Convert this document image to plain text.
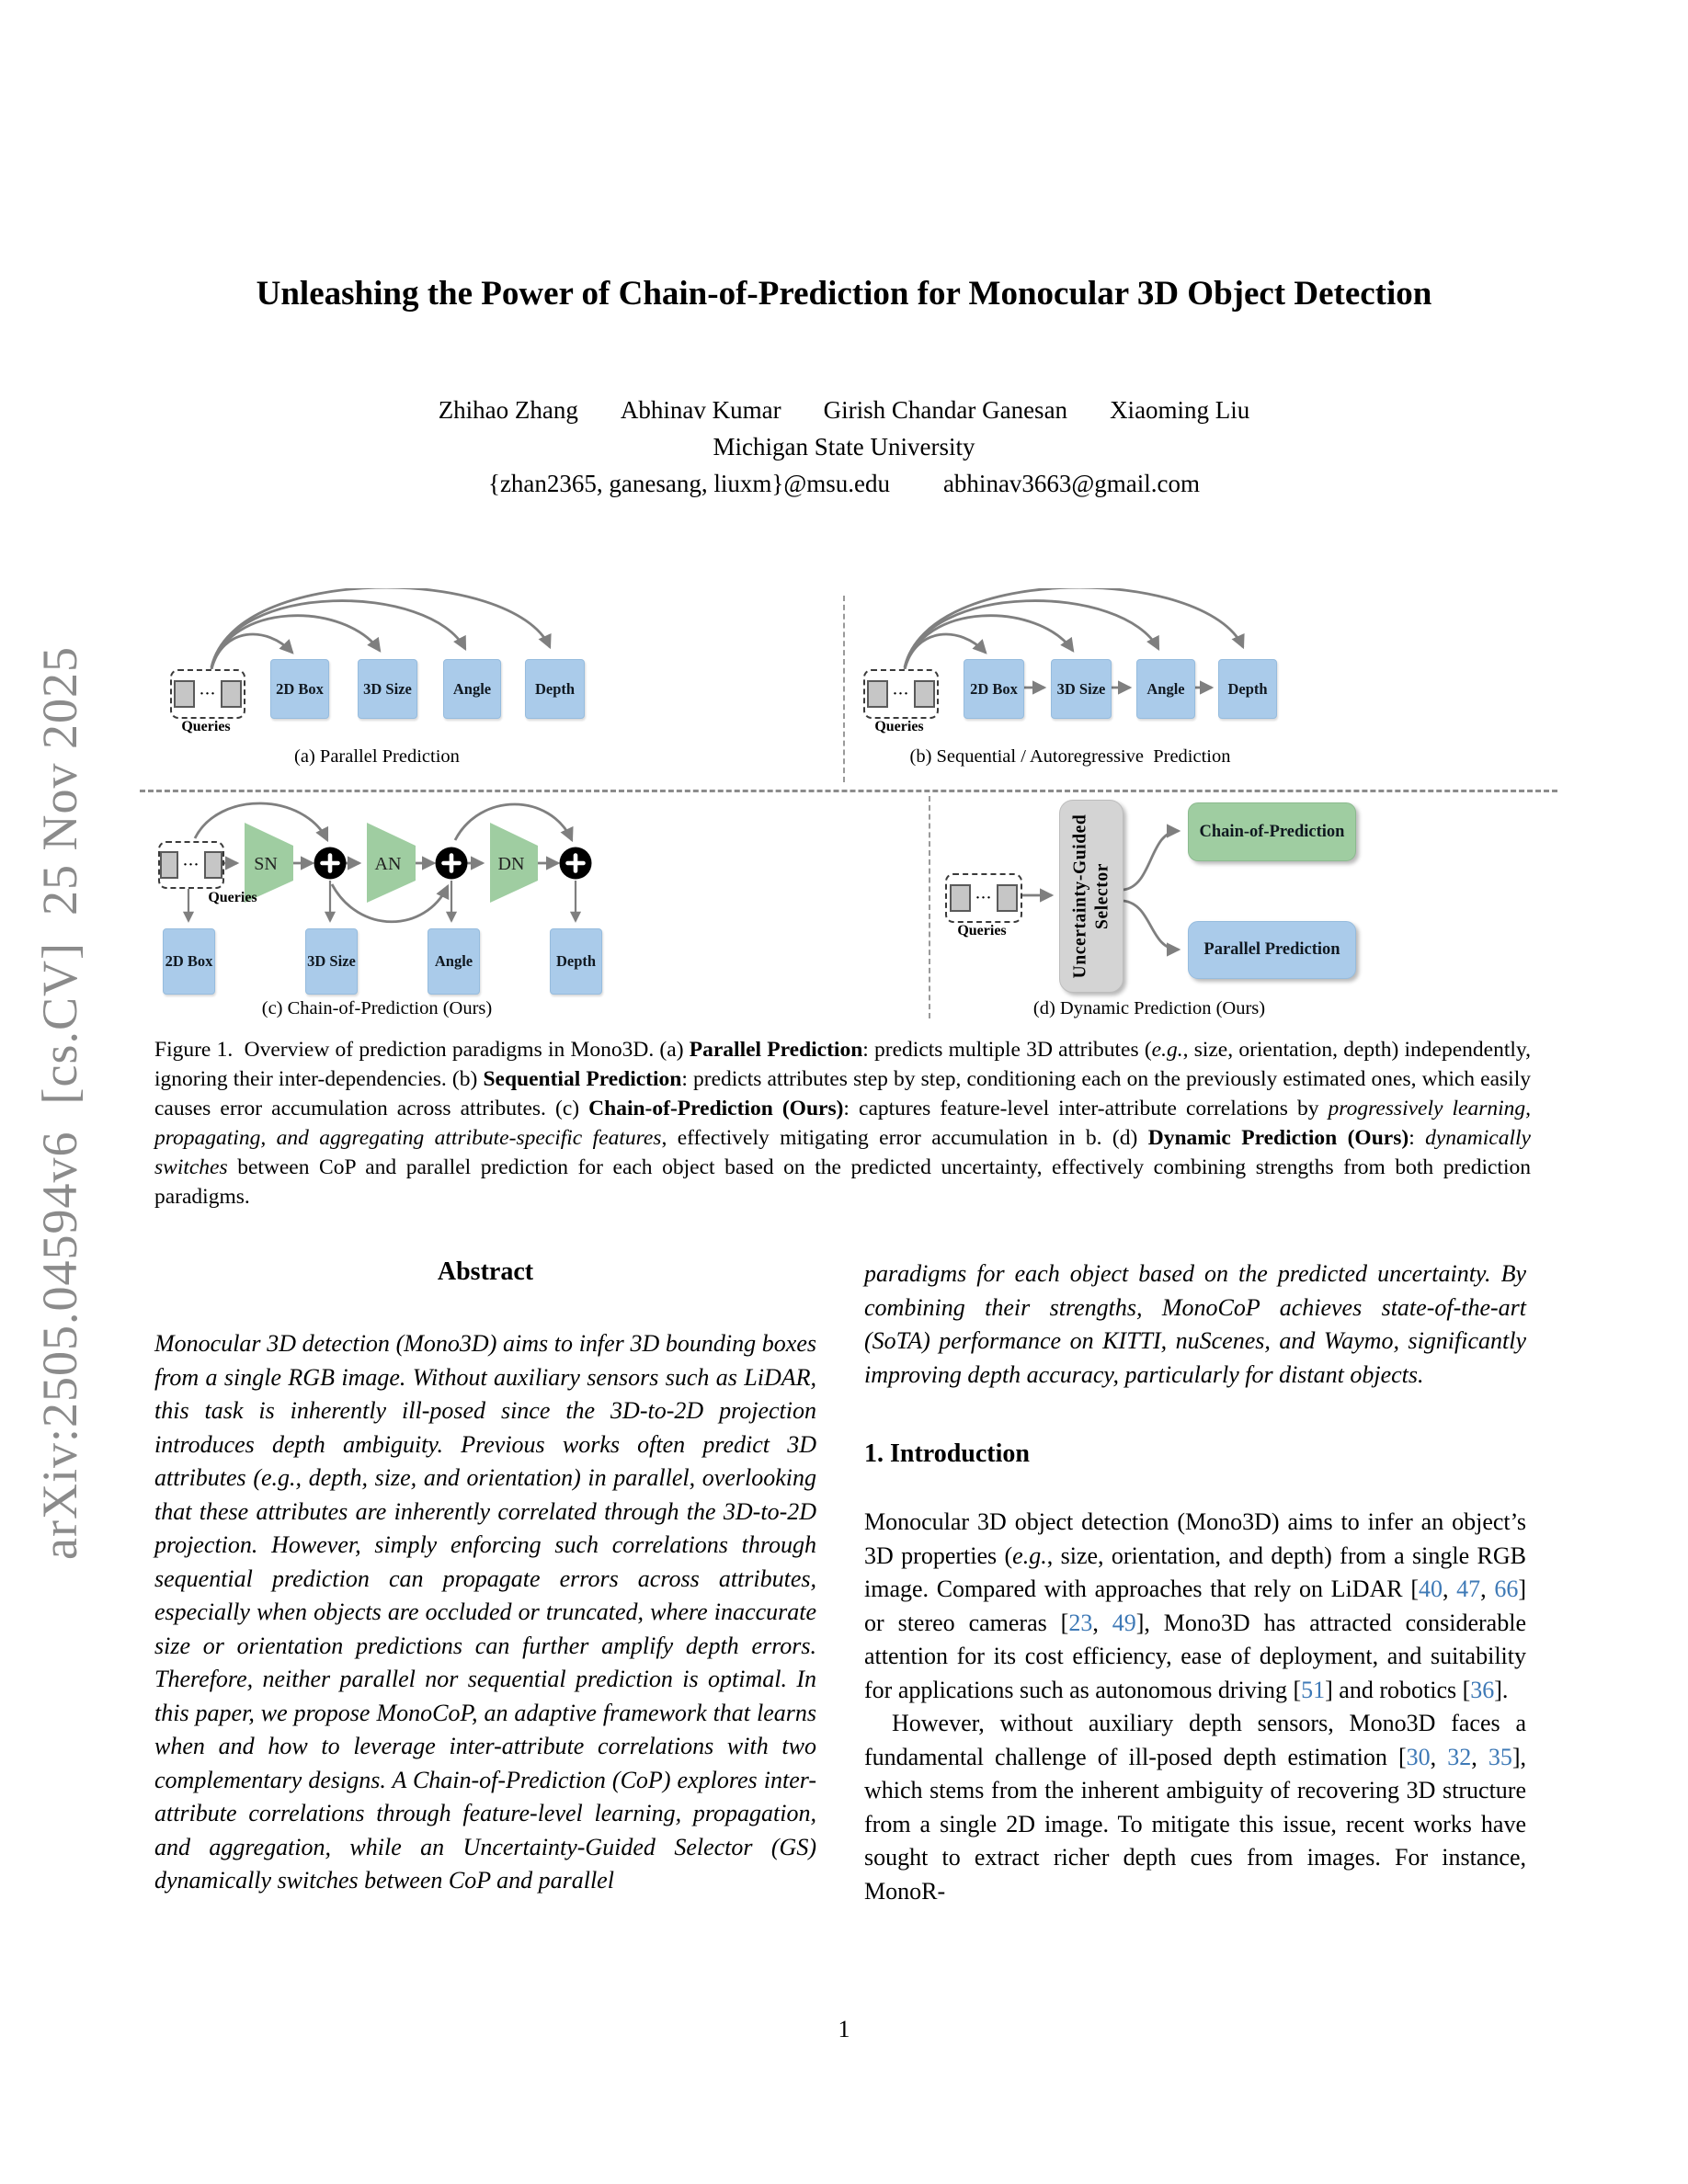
arXiv:2505.04594v6  [cs.CV]  25 Nov 2025
Unleashing the Power of Chain-of-Prediction for Monocular 3D Object Detection
Zhihao Zhang Abhinav Kumar Girish Chandar Ganesan Xiaoming Liu
Michigan State University
{zhan2365, ganesang, liuxm}@msu.edu abhinav3663@gmail.com
SN	AN	DN
···
Queries
2D Box	3D Size	Angle	Depth
(a) Parallel Prediction
···
Queries
2D Box	3D Size	Angle	Depth
(b) Sequential / Autoregressive  Prediction
···
Queries
2D Box	3D Size	Angle	Depth
(c) Chain-of-Prediction (Ours)
···
Queries	Uncertainty-Guided Selector
Chain-of-Prediction
Parallel Prediction
(d) Dynamic Prediction (Ours)
Figure 1.  Overview of prediction paradigms in Mono3D. (a) Parallel Prediction: predicts multiple 3D attributes (e.g., size, orientation, depth) independently, ignoring their inter-dependencies. (b) Sequential Prediction: predicts attributes step by step, conditioning each on the previously estimated ones, which easily causes error accumulation across attributes. (c) Chain-of-Prediction (Ours): captures feature-level inter-attribute correlations by progressively learning, propagating, and aggregating attribute-specific features, effectively mitigating error accumulation in b. (d) Dynamic Prediction (Ours): dynamically switches between CoP and parallel prediction for each object based on the predicted uncertainty, effectively combining strengths from both prediction paradigms.
Abstract

Monocular 3D detection (Mono3D) aims to infer 3D bounding boxes from a single RGB image. Without auxiliary sensors such as LiDAR, this task is inherently ill-posed since the 3D-to-2D projection introduces depth ambiguity. Previous works often predict 3D attributes (e.g., depth, size, and orientation) in parallel, overlooking that these attributes are inherently correlated through the 3D-to-2D projection. However, simply enforcing such correlations through sequential prediction can propagate errors across attributes, especially when objects are occluded or truncated, where inaccurate size or orientation predictions can further amplify depth errors. Therefore, neither parallel nor sequential prediction is optimal. In this paper, we propose MonoCoP, an adaptive framework that learns when and how to leverage inter-attribute correlations with two complementary designs. A Chain-of-Prediction (CoP) explores inter-attribute correlations through feature-level learning, propagation, and aggregation, while an Uncertainty-Guided Selector (GS) dynamically switches between CoP and parallel

paradigms for each object based on the predicted uncertainty. By combining their strengths, MonoCoP achieves state-of-the-art (SoTA) performance on KITTI, nuScenes, and Waymo, significantly improving depth accuracy, particularly for distant objects.

1. Introduction

Monocular 3D object detection (Mono3D) aims to infer an object’s 3D properties (e.g., size, orientation, and depth) from a single RGB image. Compared with approaches that rely on LiDAR [40, 47, 66] or stereo cameras [23, 49], Mono3D has attracted considerable attention for its cost efficiency, ease of deployment, and suitability for applications such as autonomous driving [51] and robotics [36].

However, without auxiliary depth sensors, Mono3D faces a fundamental challenge of ill-posed depth estimation [30, 32, 35], which stems from the inherent ambiguity of recovering 3D structure from a single 2D image. To mitigate this issue, recent works have sought to extract richer depth cues from images. For instance, MonoR-

1
